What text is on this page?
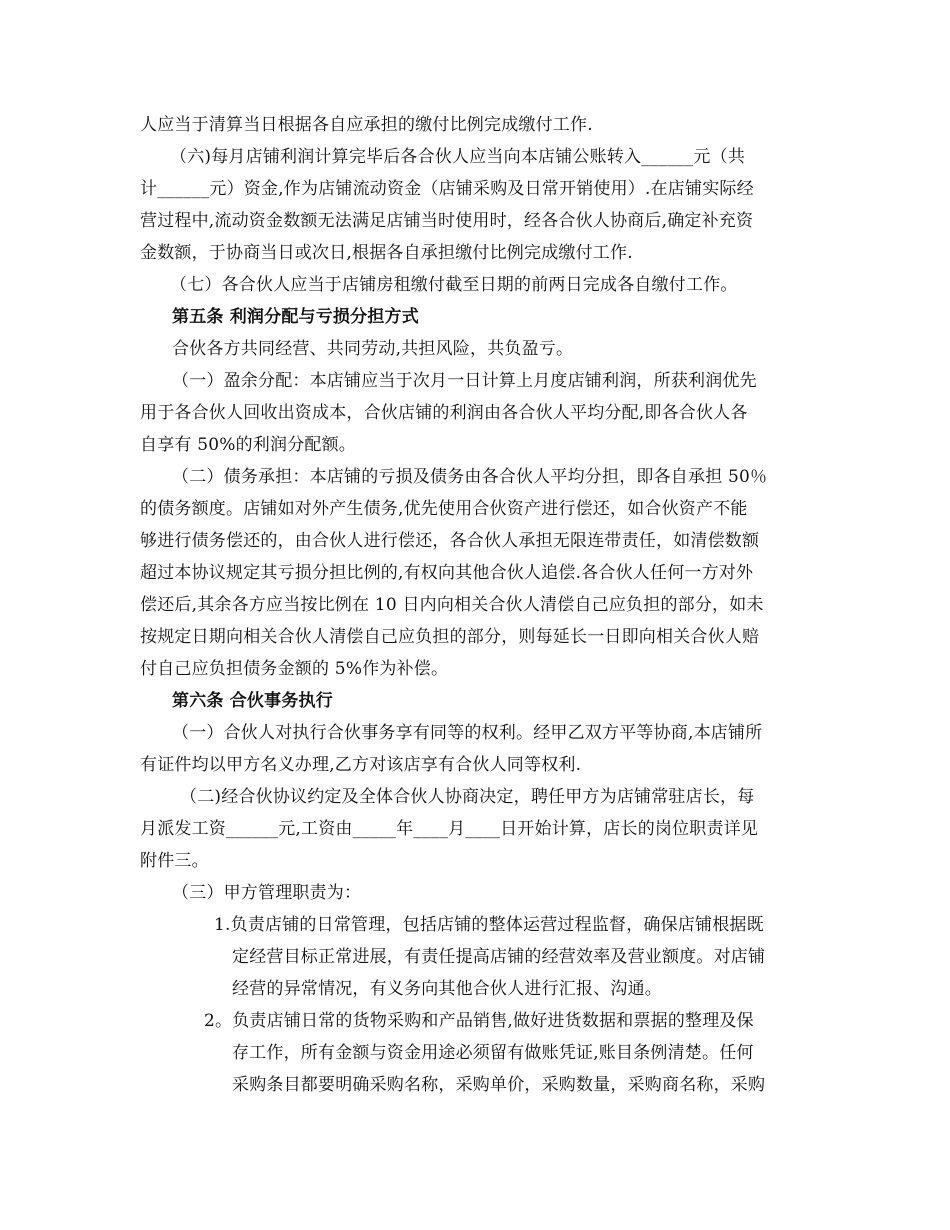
人应当于清算当日根据各自应承担的缴付比例完成缴付工作.
（六)每月店铺利润计算完毕后各合伙人应当向本店铺公账转入______元（共
计______元）资金,作为店铺流动资金（店铺采购及日常开销使用）.在店铺实际经
营过程中,流动资金数额无法满足店铺当时使用时，经各合伙人协商后,确定补充资
金数额，于协商当日或次日,根据各自承担缴付比例完成缴付工作.
（七）各合伙人应当于店铺房租缴付截至日期的前两日完成各自缴付工作。
第五条 利润分配与亏损分担方式
合伙各方共同经营、共同劳动,共担风险，共负盈亏。
（一）盈余分配：本店铺应当于次月一日计算上月度店铺利润，所获利润优先
用于各合伙人回收出资成本，合伙店铺的利润由各合伙人平均分配,即各合伙人各
自享有 50%的利润分配额。
（二）债务承担：本店铺的亏损及债务由各合伙人平均分担，即各自承担 50％
的债务额度。店铺如对外产生债务,优先使用合伙资产进行偿还，如合伙资产不能
够进行债务偿还的，由合伙人进行偿还，各合伙人承担无限连带责任，如清偿数额
超过本协议规定其亏损分担比例的,有权向其他合伙人追偿.各合伙人任何一方对外
偿还后,其余各方应当按比例在 10 日内向相关合伙人清偿自己应负担的部分，如未
按规定日期向相关合伙人清偿自己应负担的部分，则每延长一日即向相关合伙人赔
付自己应负担债务金额的 5%作为补偿。
第六条 合伙事务执行
（一）合伙人对执行合伙事务享有同等的权利。经甲乙双方平等协商,本店铺所
有证件均以甲方名义办理,乙方对该店享有合伙人同等权利.
（二)经合伙协议约定及全体合伙人协商决定，聘任甲方为店铺常驻店长，每
月派发工资______元,工资由_____年____月____日开始计算，店长的岗位职责详见
附件三。
（三）甲方管理职责为：
1.负责店铺的日常管理，包括店铺的整体运营过程监督，确保店铺根据既
定经营目标正常进展，有责任提高店铺的经营效率及营业额度。对店铺
经营的异常情况，有义务向其他合伙人进行汇报、沟通。
2。负责店铺日常的货物采购和产品销售,做好进货数据和票据的整理及保
存工作，所有金额与资金用途必须留有做账凭证,账目条例清楚。任何
采购条目都要明确采购名称，采购单价，采购数量，采购商名称，采购
